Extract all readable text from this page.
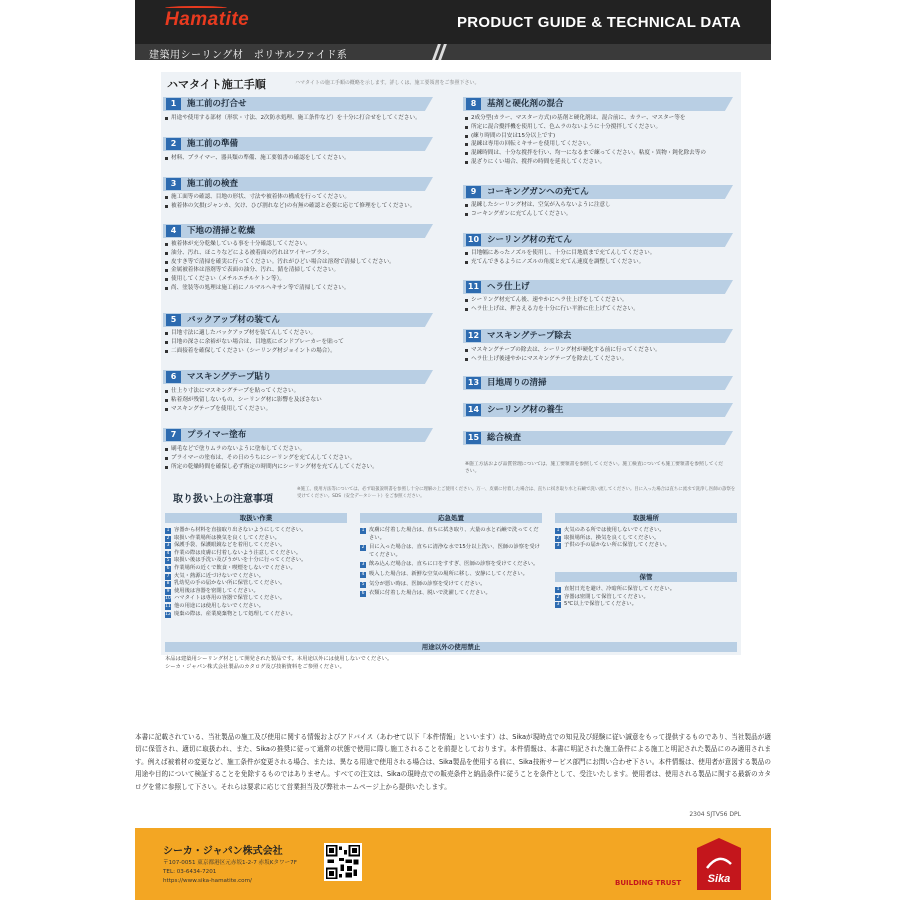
Hamatite	PRODUCT GUIDE & TECHNICAL DATA
建築用シーリング材　ポリサルファイド系
ハマタイト施工手順	ハマタイトの施工手順の概略を示します。詳しくは、施工要領書をご参照下さい。
1	施工前の打合せ

用途や使用する部材（形状・寸法、2次防水処理、施工条件など）を十分に打合せをしてください。

2	施工前の準備

材料、プライマー、器具類の準備、施工要領書の確認をしてください。

3	施工前の検査

施工面等の確認、目地の形状、寸法や被着体の構成を行ってください。

被着体の欠損(ジャンカ、欠け、ひび割れなど)の有無の確認と必要に応じて修理をしてください。

4	下地の清掃と乾燥

被着体が充分乾燥している事を十分確認してください。

油分、汚れ、ほこりなどによる被着面の汚れはワイヤーブラシ、

皮すき等で清掃を確実に行ってください。汚れがひどい場合は溶剤で清掃してください。

金属被着体は溶剤等で表面の油分、汚れ、錆を清掃してください。

使用してください（メチルエチルケトン等）。

尚、塗装等の処理は施工前にノルマルヘキサン等で清掃してください。

5	バックアップ材の装てん

目地寸法に適したバックアップ材を装てんしてください。

目地の深さに余裕がない場合は、目地底にボンドブレーカーを貼って

二面接着を確保してください（シーリング材ジョイントの場合）。

6	マスキングテープ貼り

仕上り寸法にマスキングテープを貼ってください。

粘着剤が残留しないもの、シーリング材に影響を及ぼさない

マスキングテープを使用してください。

7	プライマー塗布

刷毛などで塗りムラのないように塗布してください。

プライマーの塗布は、その日のうちにシーリングを充てんしてください。

所定の乾燥時間を確保し必ず指定の時間内にシーリング材を充てんしてください。

8	基剤と硬化剤の混合

2成分型(カラー、マスター方式)の基剤と硬化剤は、混合前に、カラー、マスター等を

所定に混合攪拌機を使用して、色ムラのないように十分撹拌してください。

(練り時間の目安は15分以上です)

混練は専用の回転ミキサーを使用してください。

混練時間は、十分な撹拌を行い、均一になるまで練ってください。粘度・異物・鈍化除去等の

混ざりにくい場合、撹拌の時間を延長してください。

9	コーキングガンへの充てん

混練したシーリング材は、空気が入らないように注意し

コーキングガンに充てんしてください。

10 シーリング材の充てん

目地幅にあったノズルを使用し、十分に目地底まで充てんしてください。

充てんできるようにノズルの角度と充てん速度を調整してください。

11 ヘラ仕上げ

シーリング材充てん後、速やかにヘラ仕上げをしてください。

ヘラ仕上げは、押さえる力を十分に行い平滑に仕上げてください。

12 マスキングテープ除去

マスキングテープの除去は、シーリング材が硬化する前に行ってください。

ヘラ仕上げ後速やかにマスキングテープを除去してください。

13 目地周りの清掃
14 シーリング材の養生
15 総合検査
※施工方法および品質管理については、施工要領書を参照してください。施工検査についても施工要領書を参照してください。
取り扱い上の注意事項
※施工、使用方法等については、必ず取扱説明書を参照し十分に理解の上ご使用ください。万一、皮膚に付着した場合は、直ちに拭き取り水と石鹸で洗い流してください。目に入った場合は直ちに流水で洗浄し医師の診察を受けてください。SDS（安全データシート）をご参照ください。
取扱い作業	応急処置	取扱場所
保管
1 容器から材料を直接取り出さないようにしてください。
2 取扱い作業場所は換気を良くしてください。
3 保護手袋、保護眼鏡などを着用してください。
4 作業の際は皮膚に付着しないよう注意してください。
5 取扱い後は手洗い及びうがいを十分に行ってください。
6 作業場所の近くで飲食・喫煙をしないでください。
7 火気・熱源に近づけないでください。
8 乳幼児の手の届かない所に保管してください。
9 使用後は容器を密閉してください。
10 ハマタイトは専用の容器で保管してください。
11 他の用途には使用しないでください。
12 廃棄の際は、産業廃棄物として処理してください。
1 皮膚に付着した場合は、直ちに拭き取り、大量の水と石鹸で洗ってください。
2 目に入った場合は、直ちに清浄な水で15分以上洗い、医師の診察を受けてください。
3 飲み込んだ場合は、直ちに口をすすぎ、医師の診察を受けてください。
4 吸入した場合は、新鮮な空気の場所に移し、安静にしてください。
5 気分が悪い時は、医師の診察を受けてください。
6 衣類に付着した場合は、脱いで洗濯してください。
1 火気のある所では使用しないでください。
2 取扱場所は、換気を良くしてください。
3 子供の手の届かない所に保管してください。
1 直射日光を避け、冷暗所に保管してください。
2 容器は密閉して保管してください。
3 5℃以上で保管してください。
用途以外の使用禁止
本品は建築用シーリング材として開発された製品です。本用途以外には使用しないでください。
シーカ・ジャパン株式会社製品のカタログ及び技術資料をご参照ください。
本書に記載されている、当社製品の施工及び使用に関する情報およびアドバイス（あわせて以下「本件情報」といいます）は、Sikaが現時点での知見及び経験に従い誠意をもって提供するものであり、当社製品が適切に保管され、適切に取扱われ、また、Sikaの推奨に従って通常の状態で使用に際し施工されることを前提としております。本件情報は、本書に明記された施工条件による施工と明記された製品にのみ適用されます。例えば被着材の変更など、施工条件が変更される場合、または、異なる用途で使用される場合は、Sika製品を使用する前に、Sika技術サービス部門にお問い合わせ下さい。本件情報は、使用者が意図する製品の用途や目的について検証することを免除するものではありません。すべての注文は、Sikaの現時点での販売条件と納品条件に従うことを条件として、受注いたします。使用者は、使用される製品に関する最新のカタログを常に参照して下さい。それらは要求に応じて営業担当及び弊社ホームページ上から提供いたします。
2304 SJTV56 DPL
シーカ・ジャパン株式会社
〒107-0051 東京都港区元赤坂1-2-7 赤坂Kタワー7F
TEL: 03-6434-7201
https://www.sika-hamatite.com/	BUILDING TRUST Sika
